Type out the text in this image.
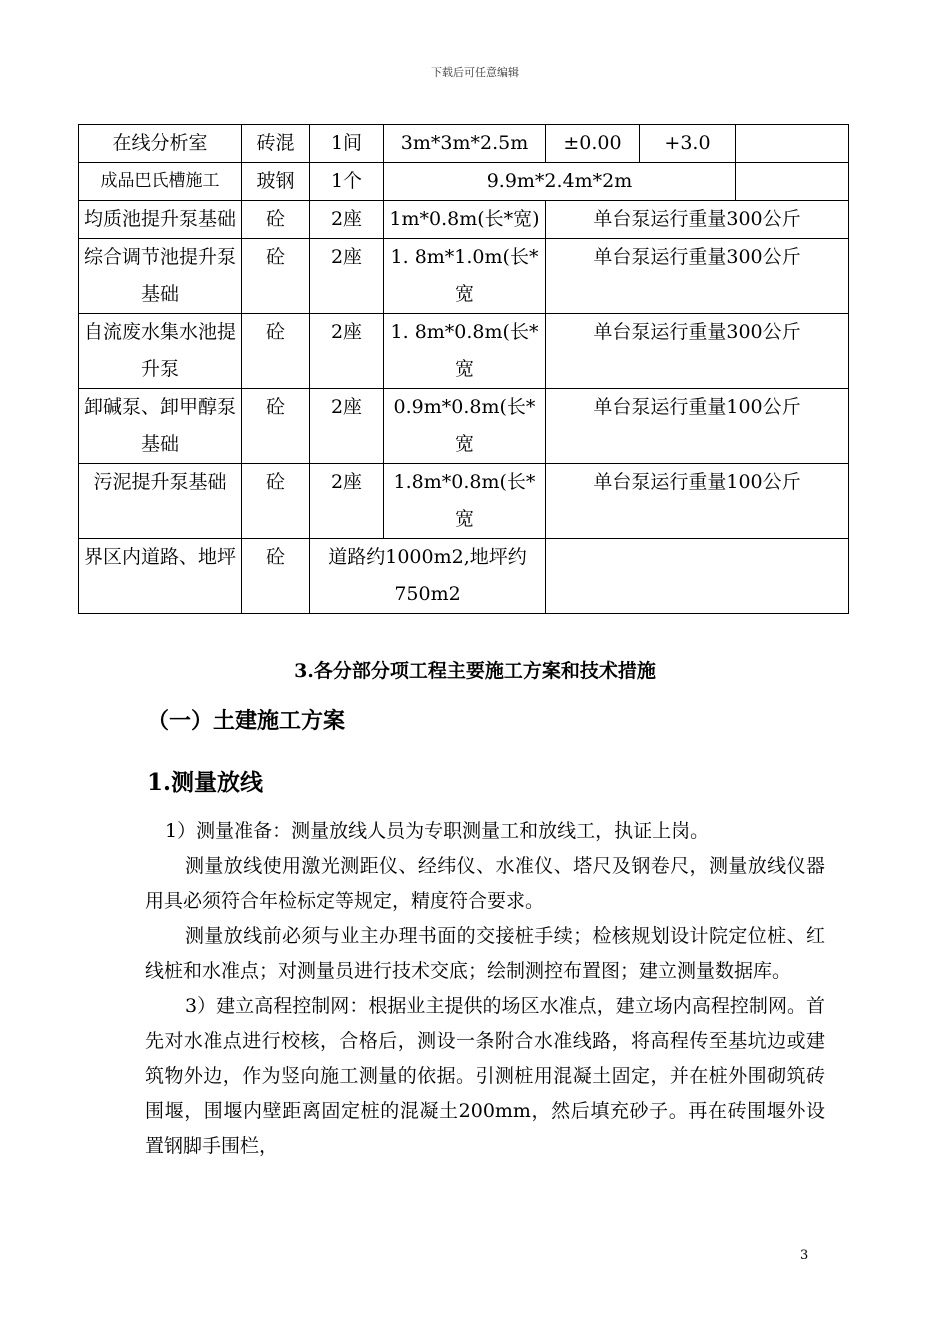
下载后可任意编辑
在线分析室	砖混	1间	3m*3m*2.5m	±0.00	+3.0	
成品巴氏槽施工	玻钢	1个	9.9m*2.4m*2m			
均质池提升泵基础	砼	2座	1m*0.8m(长*宽)	单台泵运行重量300公斤		
综合调节池提升泵基础	砼	2座	1. 8m*1.0m(长*宽	单台泵运行重量300公斤		
自流废水集水池提升泵	砼	2座	1. 8m*0.8m(长*宽	单台泵运行重量300公斤		
卸碱泵、卸甲醇泵基础	砼	2座	0.9m*0.8m(长*宽	单台泵运行重量100公斤		
污泥提升泵基础	砼	2座	1.8m*0.8m(长*宽	单台泵运行重量100公斤		
界区内道路、地坪	砼	道路约1000m2,地坪约750m2				
3.各分部分项工程主要施工方案和技术措施
（一）土建施工方案
1.测量放线

1）测量准备：测量放线人员为专职测量工和放线工，执证上岗。

测量放线使用激光测距仪、经纬仪、水准仪、塔尺及钢卷尺，测量放线仪器用具必须符合年检标定等规定，精度符合要求。

测量放线前必须与业主办理书面的交接桩手续；检核规划设计院定位桩、红线桩和水准点；对测量员进行技术交底；绘制测控布置图；建立测量数据库。

3）建立高程控制网：根据业主提供的场区水准点，建立场内高程控制网。首先对水准点进行校核，合格后，测设一条附合水准线路，将高程传至基坑边或建筑物外边，作为竖向施工测量的依据。引测桩用混凝土固定，并在桩外围砌筑砖围堰，围堰内壁距离固定桩的混凝土200mm，然后填充砂子。再在砖围堰外设置钢脚手围栏，

3
